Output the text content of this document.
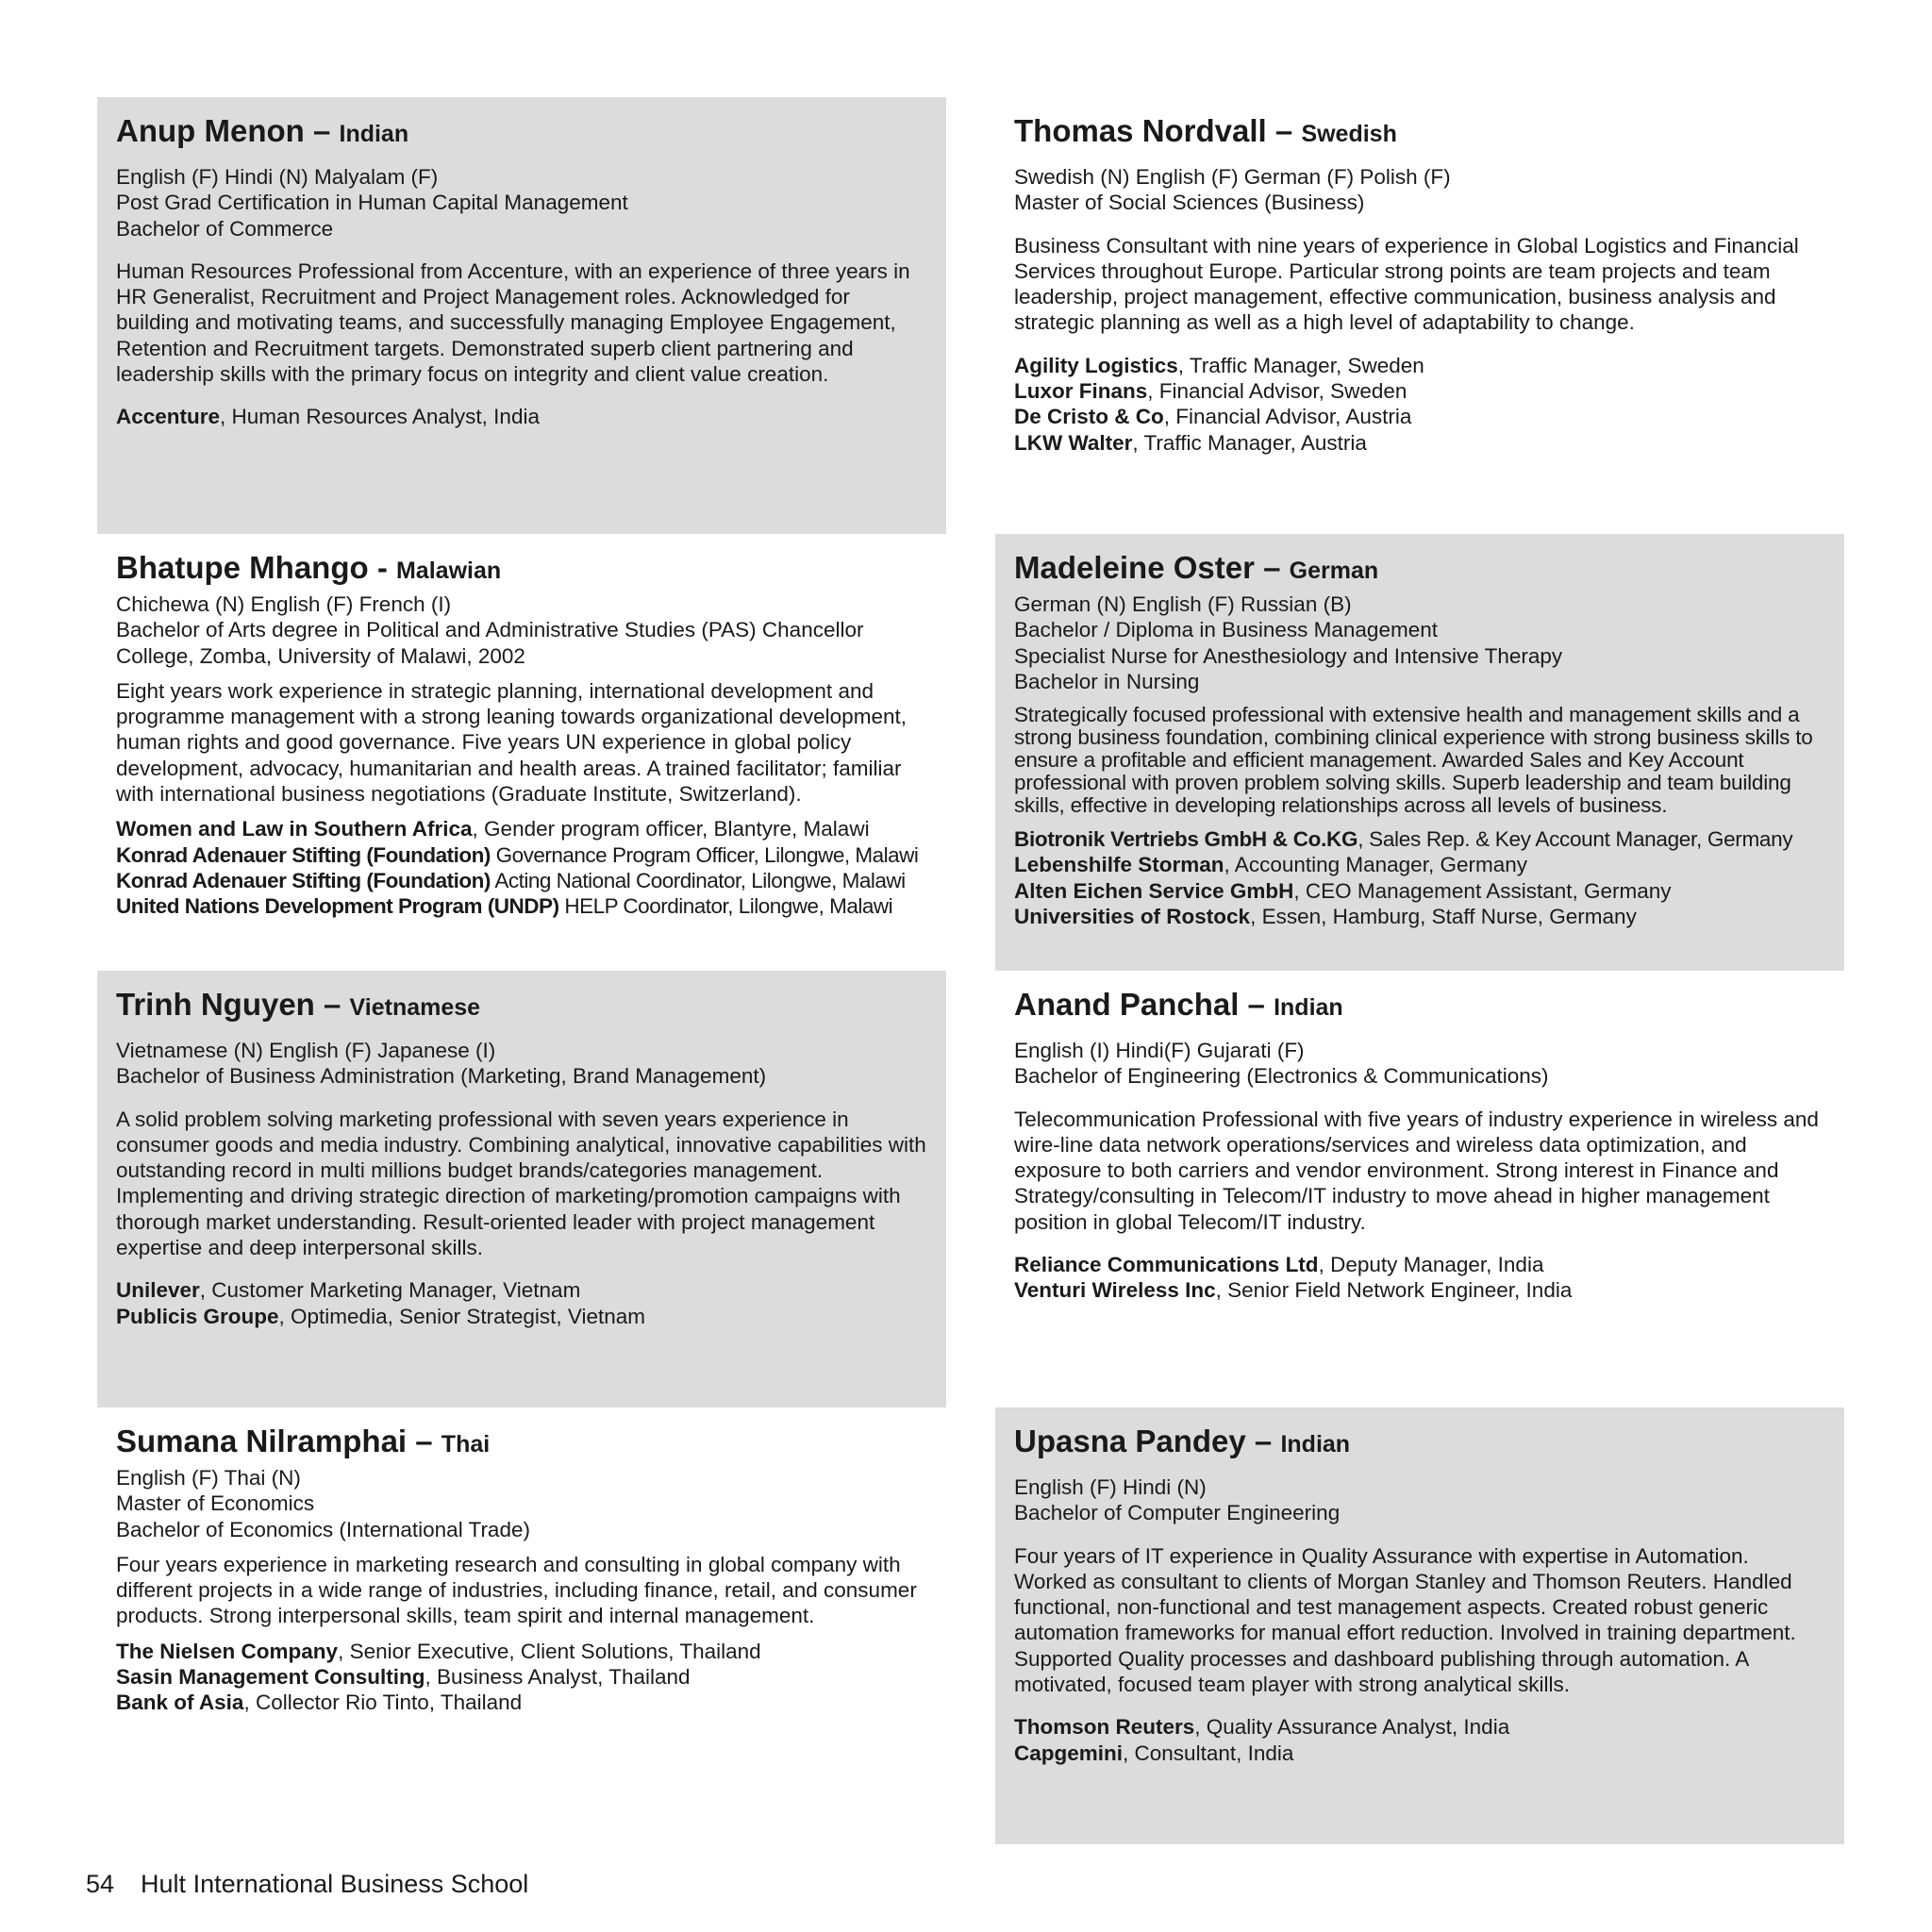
Anup Menon – Indian

English (F) Hindi (N) Malyalam (F)
Post Grad Certification in Human Capital Management
Bachelor of Commerce

Human Resources Professional from Accenture, with an experience of three years in HR Generalist, Recruitment and Project Management roles. Acknowledged for building and motivating teams, and successfully managing Employee Engagement, Retention and Recruitment targets. Demonstrated superb client partnering and leadership skills with the primary focus on integrity and client value creation.

Accenture, Human Resources Analyst, India

Thomas Nordvall – Swedish

Swedish (N) English (F) German (F) Polish (F)
Master of Social Sciences (Business)

Business Consultant with nine years of experience in Global Logistics and Financial Services throughout Europe. Particular strong points are team projects and team leadership, project management, effective communication, business analysis and strategic planning as well as a high level of adaptability to change.

Agility Logistics, Traffic Manager, Sweden
Luxor Finans, Financial Advisor, Sweden
De Cristo & Co, Financial Advisor, Austria
LKW Walter, Traffic Manager, Austria

Bhatupe Mhango - Malawian

Chichewa (N) English (F) French (I)
Bachelor of Arts degree in Political and Administrative Studies (PAS) Chancellor College, Zomba, University of Malawi, 2002

Eight years work experience in strategic planning, international development and programme management with a strong leaning towards organizational development, human rights and good governance. Five years UN experience in global policy development, advocacy, humanitarian and health areas. A trained facilitator; familiar with international business negotiations (Graduate Institute, Switzerland).

Women and Law in Southern Africa, Gender program officer, Blantyre, Malawi
Konrad Adenauer Stifting (Foundation) Governance Program Officer, Lilongwe, Malawi
Konrad Adenauer Stifting (Foundation) Acting National Coordinator, Lilongwe, Malawi
United Nations Development Program (UNDP) HELP Coordinator, Lilongwe, Malawi

Madeleine Oster – German

German (N) English (F) Russian (B)
Bachelor / Diploma in Business Management
Specialist Nurse for Anesthesiology and Intensive Therapy
Bachelor in Nursing

Strategically focused professional with extensive health and management skills and a strong business foundation, combining clinical experience with strong business skills to ensure a profitable and efficient management. Awarded Sales and Key Account professional with proven problem solving skills. Superb leadership and team building skills, effective in developing relationships across all levels of business.

Biotronik Vertriebs GmbH & Co.KG, Sales Rep. & Key Account Manager, Germany
Lebenshilfe Storman, Accounting Manager, Germany
Alten Eichen Service GmbH, CEO Management Assistant, Germany
Universities of Rostock, Essen, Hamburg, Staff Nurse, Germany

Trinh Nguyen – Vietnamese

Vietnamese (N) English (F) Japanese (I)
Bachelor of Business Administration (Marketing, Brand Management)

A solid problem solving marketing professional with seven years experience in consumer goods and media industry. Combining analytical, innovative capabilities with outstanding record in multi millions budget brands/categories management. Implementing and driving strategic direction of marketing/promotion campaigns with thorough market understanding. Result-oriented leader with project management expertise and deep interpersonal skills.

Unilever, Customer Marketing Manager, Vietnam
Publicis Groupe, Optimedia, Senior Strategist, Vietnam

Anand Panchal – Indian

English (I) Hindi(F) Gujarati (F)
Bachelor of Engineering (Electronics & Communications)

Telecommunication Professional with five years of industry experience in wireless and wire-line data network operations/services and wireless data optimization, and exposure to both carriers and vendor environment. Strong interest in Finance and Strategy/consulting in Telecom/IT industry to move ahead in higher management position in global Telecom/IT industry.

Reliance Communications Ltd, Deputy Manager, India
Venturi Wireless Inc, Senior Field Network Engineer, India

Sumana Nilramphai – Thai

English (F) Thai (N)
Master of Economics
Bachelor of Economics (International Trade)

Four years experience in marketing research and consulting in global company with different projects in a wide range of industries, including finance, retail, and consumer products. Strong interpersonal skills, team spirit and internal management.

The Nielsen Company, Senior Executive, Client Solutions, Thailand
Sasin Management Consulting, Business Analyst, Thailand
Bank of Asia, Collector Rio Tinto, Thailand

Upasna Pandey – Indian

English (F) Hindi (N)
Bachelor of Computer Engineering

Four years of IT experience in Quality Assurance with expertise in Automation. Worked as consultant to clients of Morgan Stanley and Thomson Reuters. Handled functional, non-functional and test management aspects. Created robust generic automation frameworks for manual effort reduction. Involved in training department. Supported Quality processes and dashboard publishing through automation. A motivated, focused team player with strong analytical skills.

Thomson Reuters, Quality Assurance Analyst, India
Capgemini, Consultant, India

54 Hult International Business School
